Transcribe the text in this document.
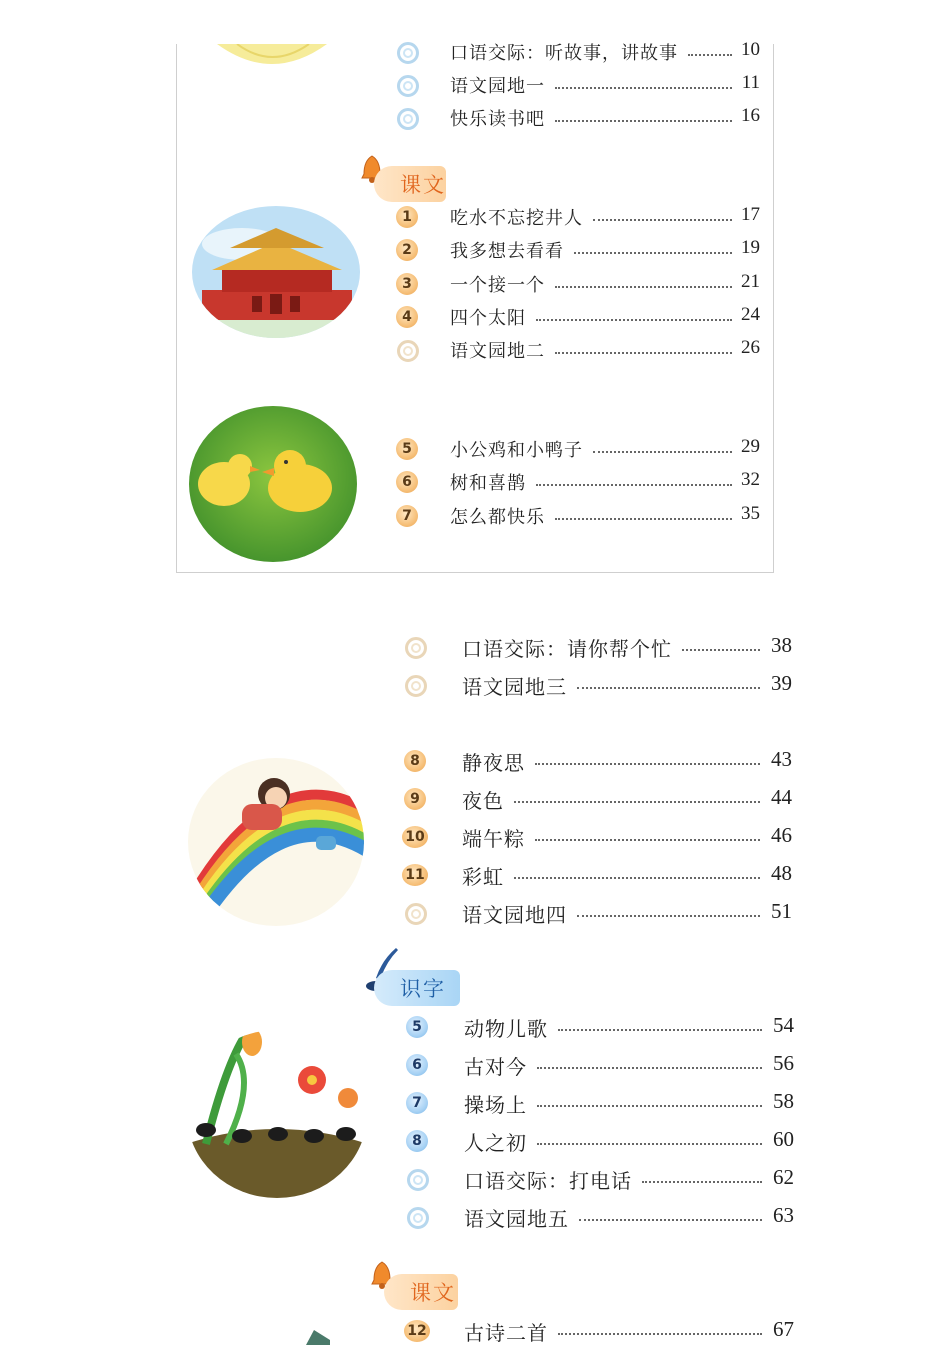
课文
识字
课文
口语交际：听故事，讲故事	10
语文园地一	11
快乐读书吧	16
1	吃水不忘挖井人	17
2	我多想去看看	19
3	一个接一个	21
4	四个太阳	24
语文园地二	26
5	小公鸡和小鸭子	29
6	树和喜鹊	32
7	怎么都快乐	35
口语交际：请你帮个忙	38
语文园地三	39
8	静夜思	43
9	夜色	44
10 端午粽	46
11 彩虹	48
语文园地四	51
5	动物儿歌	54
6	古对今	56
7	操场上	58
8	人之初	60
口语交际：打电话	62
语文园地五	63
12 古诗二首	67
